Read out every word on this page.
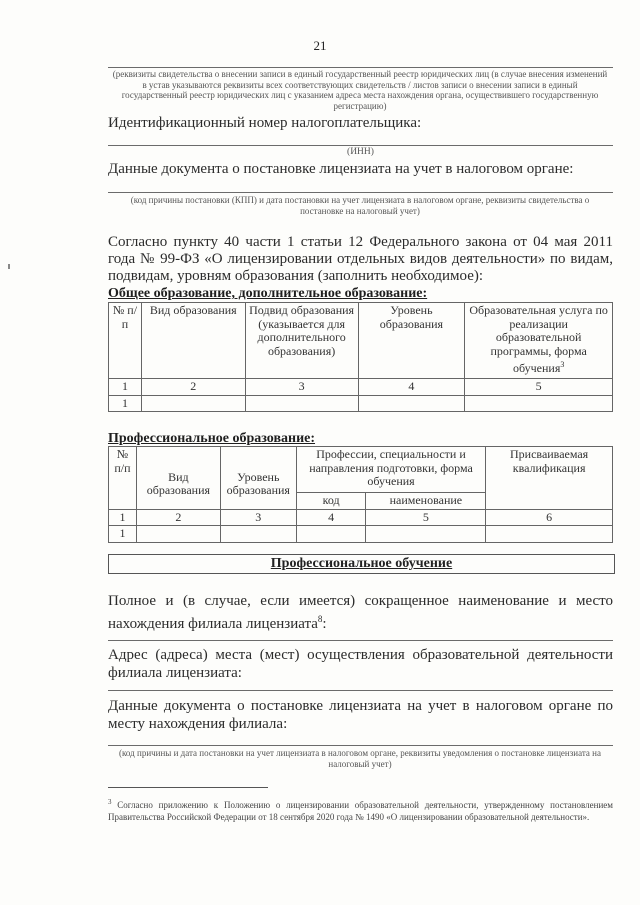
21
(реквизиты свидетельства о внесении записи в единый государственный реестр юридических лиц (в случае внесения изменений в устав указываются реквизиты всех соответствующих свидетельств / листов записи о внесении записи в единый государственный реестр юридических лиц с указанием адреса места нахождения органа, осуществившего государственную регистрацию)
Идентификационный номер налогоплательщика:
(ИНН)
Данные документа о постановке лицензиата на учет в налоговом органе:
(код причины постановки (КПП) и дата постановки на учет лицензиата в налоговом органе, реквизиты свидетельства о постановке на налоговый учет)
Согласно пункту 40 части 1 статьи 12 Федерального закона от 04 мая 2011 года № 99-ФЗ «О лицензировании отдельных видов деятельности» по видам, подвидам, уровням образования (заполнить необходимое):
Общее образование, дополнительное образование:
№ п/п	Вид образования	Подвид образования (указывается для дополнительного образования)	Уровень образования	Образовательная услуга по реализации образовательной программы, форма обучения$^3$
1	2	3	4	5
1				
Профессиональное образование:
№ п/п	Вид образования	Уровень образования	Профессии, специальности и направления подготовки, форма обучения		Присваиваемая квалификация
			код	наименование	
1	2	3	4	5	6
1					
Профессиональное обучение
Полное и (в случае, если имеется) сокращенное наименование и место нахождения филиала лицензиата$^8$:
Адрес (адреса) места (мест) осуществления образовательной деятельности филиала лицензиата:
Данные документа о постановке лицензиата на учет в налоговом органе по месту нахождения филиала:
(код причины и дата постановки на учет лицензиата в налоговом органе, реквизиты уведомления о постановке лицензиата на налоговый учет)
$^3$ Согласно приложению к Положению о лицензировании образовательной деятельности, утвержденному постановлением Правительства Российской Федерации от 18 сентября 2020 года № 1490 «О лицензировании образовательной деятельности».
